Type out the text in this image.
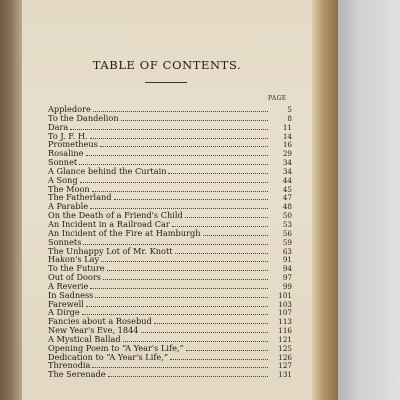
TABLE OF CONTENTS.
PAGE
Appledore	5
To the Dandelion	8
Dara	11
To J. F. H.	14
Prometheus	16
Rosaline	29
Sonnet	34
A Glance behind the Curtain	34
A Song	44
The Moon	45
The Fatherland	47
A Parable	48
On the Death of a Friend's Child	50
An Incident in a Railroad Car	53
An Incident of the Fire at Hamburgh	56
Sonnets	59
The Unhappy Lot of Mr. Knott	63
Hakon's Lay	91
To the Future	94
Out of Doors	97
A Reverie	99
In Sadness	101
Farewell	103
A Dirge	107
Fancies about a Rosebud	113
New Year's Eve, 1844	116
A Mystical Ballad	121
Opening Poem to “A Year's Life,”	125
Dedication to “A Year's Life,”	126
Threnodia	127
The Serenade	131
